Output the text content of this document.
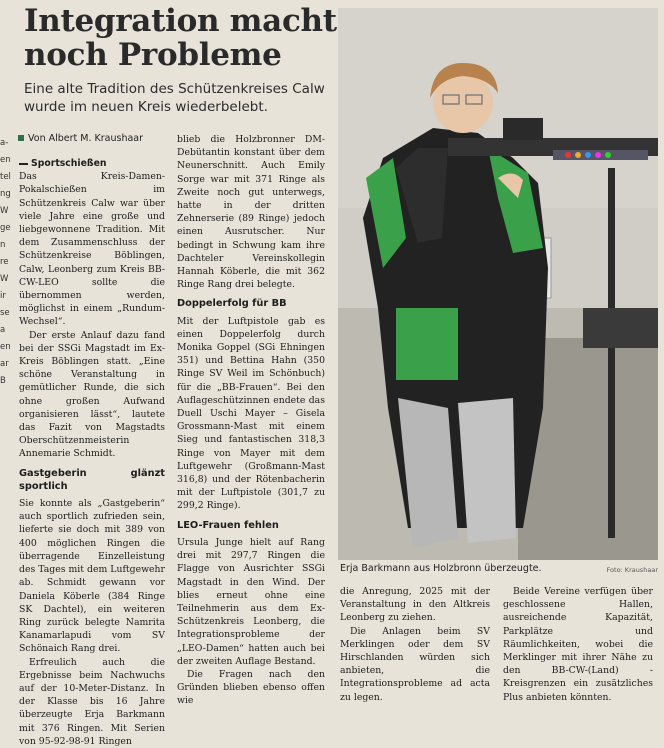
Integration macht noch Probleme
Eine alte Tradition des Schützenkreises Calw wurde im neuen Kreis wiederbelebt.
a-
en
tel
ng
W
ge
n
re
W
ir
se
a
en
ar
B
Von Albert M. Kraushaar

Sportschießen

Das Kreis-Damen-Pokalschießen im Schützenkreis Calw war über viele Jahre eine große und liebgewonnene Tradition. Mit dem Zusammenschluss der Schützenkreise Böblingen, Calw, Leonberg zum Kreis BB-CW-LEO sollte die übernommen werden, möglichst in einem „Rundum-Wechsel“.

Der erste Anlauf dazu fand bei der SSGi Magstadt im Ex-Kreis Böblingen statt. „Eine schöne Veranstaltung in gemütlicher Runde, die sich ohne großen Aufwand organisieren lässt“, lautete das Fazit von Magstadts Oberschützenmeisterin Annemarie Schmidt.

Gastgeberin glänzt sportlich

Sie konnte als „Gastgeberin“ auch sportlich zufrieden sein, lieferte sie doch mit 389 von 400 möglichen Ringen die überragende Einzelleistung des Tages mit dem Luftgewehr ab. Schmidt gewann vor Daniela Köberle (384 Ringe SK Dachtel), ein weiteren Ring zurück belegte Namrita Kanamarlapudi vom SV Schönaich Rang drei.

Erfreulich auch die Ergebnisse beim Nachwuchs auf der 10-Meter-Distanz. In der Klasse bis 16 Jahre überzeugte Erja Barkmann mit 376 Ringen. Mit Serien von 95-92-98-91 Ringen

blieb die Holzbronner DM-Debütantin konstant über dem Neunerschnitt. Auch Emily Sorge war mit 371 Ringe als Zweite noch gut unterwegs, hatte in der dritten Zehnerserie (89 Ringe) jedoch einen Ausrutscher. Nur bedingt in Schwung kam ihre Dachteler Vereinskollegin Hannah Köberle, die mit 362 Ringe Rang drei belegte.

Doppelerfolg für BB

Mit der Luftpistole gab es einen Doppelerfolg durch Monika Goppel (SGi Ehningen 351) und Bettina Hahn (350 Ringe SV Weil im Schönbuch) für die „BB-Frauen“. Bei den Auflageschützinnen endete das Duell Uschi Mayer – Gisela Grossmann-Mast mit einem Sieg und fantastischen 318,3 Ringe von Mayer mit dem Luftgewehr (Großmann-Mast 316,8) und der Rötenbacherin mit der Luftpistole (301,7 zu 299,2 Ringe).

LEO-Frauen fehlen

Ursula Junge hielt auf Rang drei mit 297,7 Ringen die Flagge von Ausrichter SSGi Magstadt in den Wind. Der blies erneut ohne eine Teilnehmerin aus dem Ex-Schützenkreis Leonberg, die Integrationsprobleme der „LEO-Damen“ hatten auch bei der zweiten Auflage Bestand.

Die Fragen nach den Gründen blieben ebenso offen wie

Erja Barkmann aus Holzbronn überzeugte.	Foto: Kraushaar

die Anregung, 2025 mit der Veranstaltung in den Altkreis Leonberg zu ziehen.

Die Anlagen beim SV Merklingen oder dem SV Hirschlanden würden sich anbieten, die Integrationsprobleme ad acta zu legen.

Beide Vereine verfügen über geschlossene Hallen, ausreichende Kapazität, Parkplätze und Räumlichkeiten, wobei die Merklinger mit ihrer Nähe zu den BB-CW-(Land) -Kreisgrenzen ein zusätzliches Plus anbieten könnten.
